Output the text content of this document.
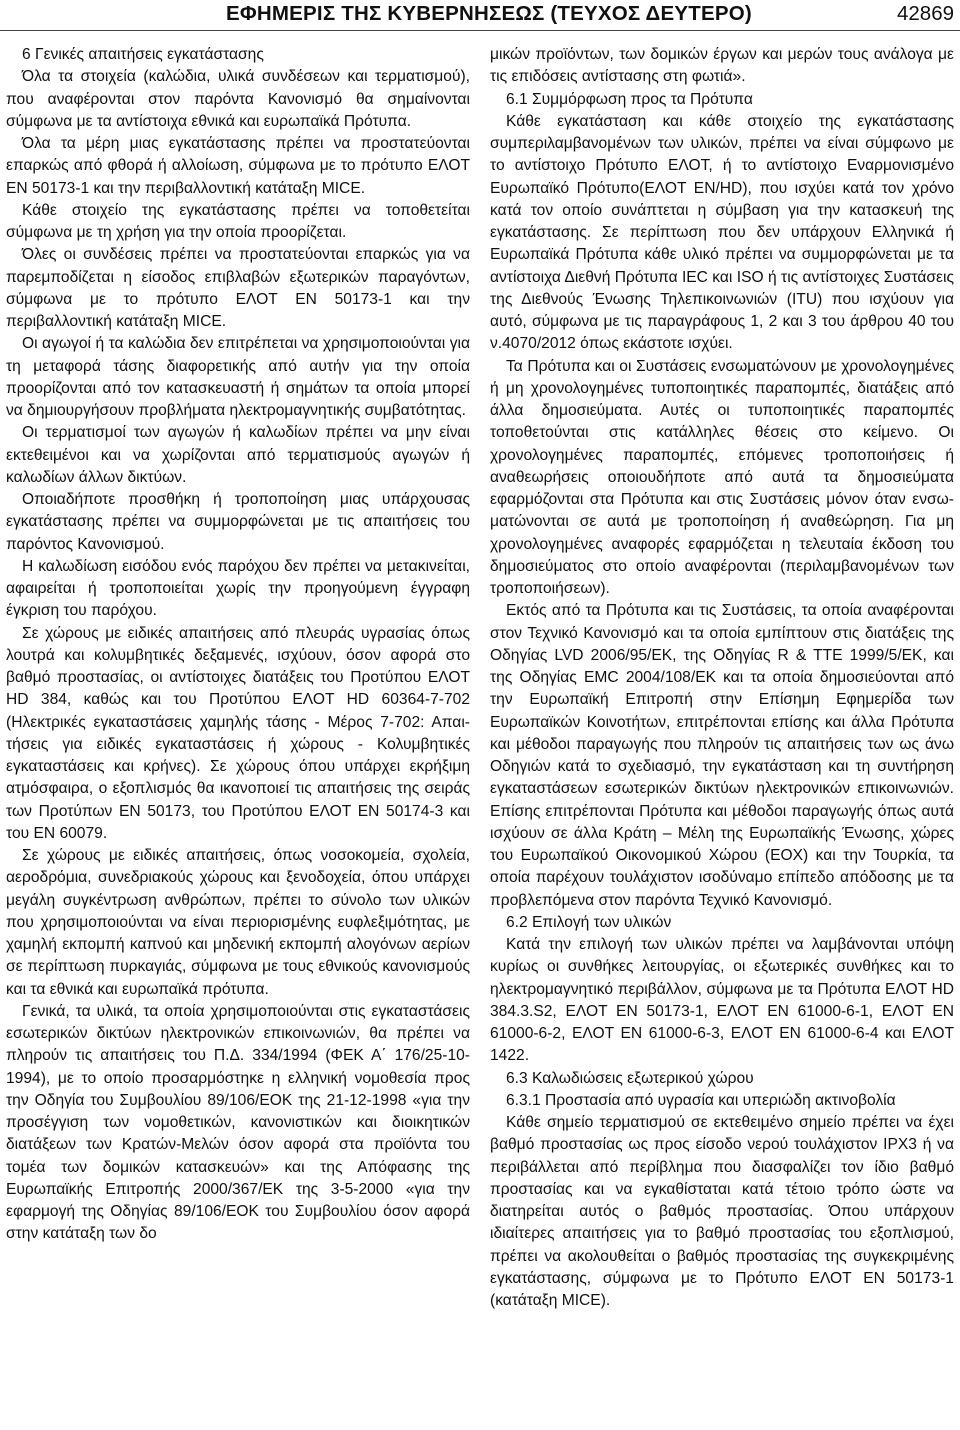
ΕΦΗΜΕΡΙΣ ΤΗΣ ΚΥΒΕΡΝΗΣΕΩΣ (ΤΕΥΧΟΣ ΔΕΥΤΕΡΟ)	42869

6 Γενικές απαιτήσεις εγκατάστασης

Όλα τα στοιχεία (καλώδια, υλικά συνδέσεων και τερματισμού), που αναφέρονται στον παρόντα Κανονισμό θα σημαίνονται σύμφωνα με τα αντίστοιχα εθνικά και ευρωπαϊκά Πρότυπα.

Όλα τα μέρη μιας εγκατάστασης πρέπει να προστατεύονται επαρκώς από φθορά ή αλλοίωση, σύμφωνα με το πρότυπο ΕΛΟΤ ΕΝ 50173-1 και την περιβαλλοντική κατάταξη MICE.

Κάθε στοιχείο της εγκατάστασης πρέπει να τοποθετείται σύμφωνα με τη χρήση για την οποία προορίζεται.

Όλες οι συνδέσεις πρέπει να προστατεύονται επαρκώς για να παρεμποδίζεται η είσοδος επιβλαβών εξωτερικών παραγόντων, σύμφωνα με το πρότυπο ΕΛΟΤ ΕΝ 50173-1 και την περιβαλλοντική κατάταξη MICE.

Οι αγωγοί ή τα καλώδια δεν επιτρέπεται να χρησιμοποιούνται για τη μεταφορά τάσης διαφορετικής από αυτήν για την οποία προορίζονται από τον κατασκευαστή ή σημάτων τα οποία μπορεί να δημιουργήσουν προβλήματα ηλεκτρομαγνητικής συμβατότητας.

Οι τερματισμοί των αγωγών ή καλωδίων πρέπει να μην είναι εκτεθειμένοι και να χωρίζονται από τερματισμούς αγωγών ή καλωδίων άλλων δικτύων.

Οποιαδήποτε προσθήκη ή τροποποίηση μιας υπάρχουσας εγκατάστασης πρέπει να συμμορφώνεται με τις απαιτήσεις του παρόντος Κανονισμού.

Η καλωδίωση εισόδου ενός παρόχου δεν πρέπει να μετακινείται, αφαιρείται ή τροποποιείται χωρίς την προηγούμενη έγγραφη έγκριση του παρόχου.

Σε χώρους με ειδικές απαιτήσεις από πλευράς υγρασίας όπως λουτρά και κολυμβητικές δεξαμενές, ισχύουν, όσον αφορά στο βαθμό προστασίας, οι αντίστοιχες διατάξεις του Προτύπου ΕΛΟΤ HD 384, καθώς και του Προτύπου ΕΛΟΤ HD 60364-7-702 (Ηλεκτρικές εγκαταστάσεις χαμηλής τάσης - Μέρος 7-702: Απαιτήσεις για ειδικές εγκαταστάσεις ή χώρους - Κολυμβητικές εγκαταστάσεις και κρήνες). Σε χώρους όπου υπάρχει εκρήξιμη ατμόσφαιρα, ο εξοπλισμός θα ικανοποιεί τις απαιτήσεις της σειράς των Προτύπων ΕΝ 50173, του Προτύπου ΕΛΟΤ ΕΝ 50174-3 και του ΕΝ 60079.

Σε χώρους με ειδικές απαιτήσεις, όπως νοσοκομεία, σχολεία, αεροδρόμια, συνεδριακούς χώρους και ξενοδοχεία, όπου υπάρχει μεγάλη συγκέντρωση ανθρώπων, πρέπει το σύνολο των υλικών που χρησιμοποιούνται να είναι περιορισμένης ευφλεξιμότητας, με χαμηλή εκπομπή καπνού και μηδενική εκπομπή αλογόνων αερίων σε περίπτωση πυρκαγιάς, σύμφωνα με τους εθνικούς κανονισμούς και τα εθνικά και ευρωπαϊκά πρότυπα.

Γενικά, τα υλικά, τα οποία χρησιμοποιούνται στις εγκαταστάσεις εσωτερικών δικτύων ηλεκτρονικών επικοινωνιών, θα πρέπει να πληρούν τις απαιτήσεις του Π.Δ. 334/1994 (ΦΕΚ Α΄ 176/25-10-1994), με το οποίο προσαρμόστηκε η ελληνική νομοθεσία προς την Οδηγία του Συμβουλίου 89/106/ΕΟΚ της 21-12-1998 «για την προσέγγιση των νομοθετικών, κανονιστικών και διοικητικών διατάξεων των Κρατών-Μελών όσον αφορά στα προϊόντα του τομέα των δομικών κατασκευών» και της Απόφασης της Ευρωπαϊκής Επιτροπής 2000/367/ΕΚ της 3-5-2000 «για την εφαρμογή της Οδηγίας 89/106/ΕΟΚ του Συμβουλίου όσον αφορά στην κατάταξη των δο

μικών προϊόντων, των δομικών έργων και μερών τους ανάλογα με τις επιδόσεις αντίστασης στη φωτιά».

6.1 Συμμόρφωση προς τα Πρότυπα

Κάθε εγκατάσταση και κάθε στοιχείο της εγκατάστασης συμπεριλαμβανομένων των υλικών, πρέπει να είναι σύμφωνο με το αντίστοιχο Πρότυπο ΕΛΟΤ, ή το αντίστοιχο Εναρμονισμένο Ευρωπαϊκό Πρότυπο(ΕΛΟΤ ΕΝ/HD), που ισχύει κατά τον χρόνο κατά τον οποίο συνάπτεται η σύμβαση για την κατασκευή της εγκατάστασης. Σε περίπτωση που δεν υπάρχουν Ελληνικά ή Ευρωπαϊκά Πρότυπα κάθε υλικό πρέπει να συμμορφώνεται με τα αντίστοιχα Διεθνή Πρότυπα IEC και ISO ή τις αντίστοιχες Συστάσεις της Διεθνούς Ένωσης Τηλεπικοινωνιών (ITU) που ισχύουν για αυτό, σύμφωνα με τις παραγράφους 1, 2 και 3 του άρθρου 40 του ν.4070/2012 όπως εκάστοτε ισχύει.

Τα Πρότυπα και οι Συστάσεις ενσωματώνουν με χρονολογημένες ή μη χρονολογημένες τυποποιητικές παραπομπές, διατάξεις από άλλα δημοσιεύματα. Αυτές οι τυποποιητικές παραπομπές τοποθετούνται στις κατάλληλες θέσεις στο κείμενο. Οι χρονολογημένες παραπομπές, επόμενες τροποποιήσεις ή αναθεωρήσεις οποιουδήποτε από αυτά τα δημοσιεύματα εφαρμόζονται στα Πρότυπα και στις Συστάσεις μόνον όταν ενσωματώνονται σε αυτά με τροποποίηση ή αναθεώρηση. Για μη χρονολογημένες αναφορές εφαρμόζεται η τελευταία έκδοση του δημοσιεύματος στο οποίο αναφέρονται (περιλαμβανομένων των τροποποιήσεων).

Εκτός από τα Πρότυπα και τις Συστάσεις, τα οποία αναφέρονται στον Τεχνικό Κανονισμό και τα οποία εμπίπτουν στις διατάξεις της Οδηγίας LVD 2006/95/ΕΚ, της Οδηγίας R & TTE 1999/5/ΕΚ, και της Οδηγίας EMC 2004/108/ΕΚ και τα οποία δημοσιεύονται από την Ευρωπαϊκή Επιτροπή στην Επίσημη Εφημερίδα των Ευρωπαϊκών Κοινοτήτων, επιτρέπονται επίσης και άλλα Πρότυπα και μέθοδοι παραγωγής που πληρούν τις απαιτήσεις των ως άνω Οδηγιών κατά το σχεδιασμό, την εγκατάσταση και τη συντήρηση εγκαταστάσεων εσωτερικών δικτύων ηλεκτρονικών επικοινωνιών. Επίσης επιτρέπονται Πρότυπα και μέθοδοι παραγωγής όπως αυτά ισχύουν σε άλλα Κράτη – Μέλη της Ευρωπαϊκής Ένωσης, χώρες του Ευρωπαϊκού Οικονομικού Χώρου (ΕΟΧ) και την Τουρκία, τα οποία παρέχουν τουλάχιστον ισοδύναμο επίπεδο απόδοσης με τα προβλεπόμενα στον παρόντα Τεχνικό Κανονισμό.

6.2 Επιλογή των υλικών

Κατά την επιλογή των υλικών πρέπει να λαμβάνονται υπόψη κυρίως οι συνθήκες λειτουργίας, οι εξωτερικές συνθήκες και το ηλεκτρομαγνητικό περιβάλλον, σύμφωνα με τα Πρότυπα ΕΛΟΤ HD 384.3.S2, ΕΛΟΤ ΕΝ 50173-1, ΕΛΟΤ ΕΝ 61000-6-1, ΕΛΟΤ ΕΝ 61000-6-2, ΕΛΟΤ ΕΝ 61000-6-3, ΕΛΟΤ ΕΝ 61000-6-4 και ΕΛΟΤ 1422.

6.3 Καλωδιώσεις εξωτερικού χώρου

6.3.1 Προστασία από υγρασία και υπεριώδη ακτινοβολία

Κάθε σημείο τερματισμού σε εκτεθειμένο σημείο πρέπει να έχει βαθμό προστασίας ως προς είσοδο νερού τουλάχιστον IPX3 ή να περιβάλλεται από περίβλημα που διασφαλίζει τον ίδιο βαθμό προστασίας και να εγκαθίσταται κατά τέτοιο τρόπο ώστε να διατηρείται αυτός ο βαθμός προστασίας. Όπου υπάρχουν ιδιαίτερες απαιτήσεις για το βαθμό προστασίας του εξοπλισμού, πρέπει να ακολουθείται ο βαθμός προστασίας της συγκεκριμένης εγκατάστασης, σύμφωνα με το Πρότυπο ΕΛΟΤ ΕΝ 50173-1 (κατάταξη MICE).
